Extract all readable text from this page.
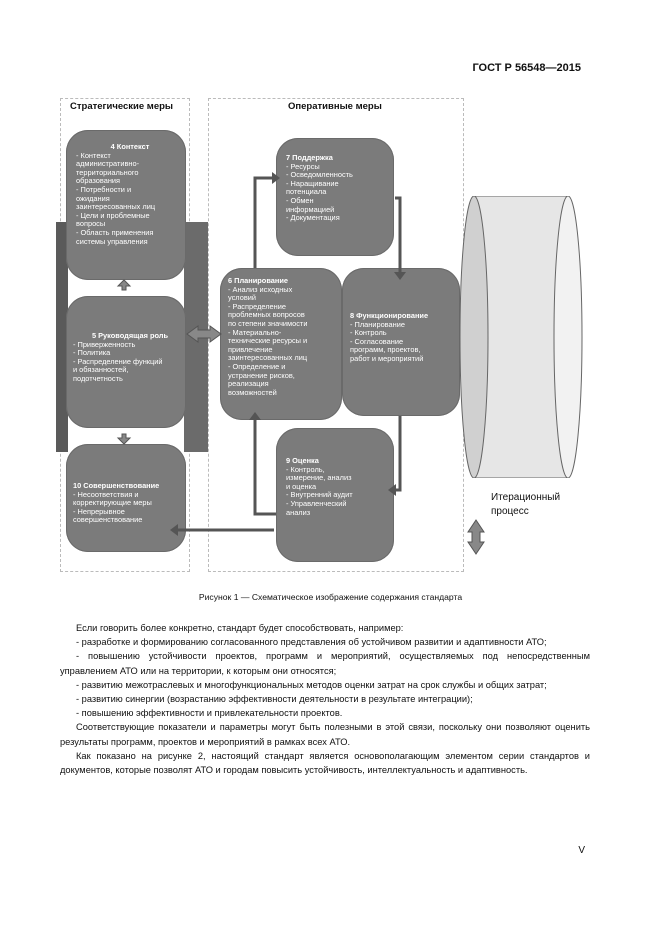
ГОСТ Р 56548—2015
Стратегические меры	Оперативные меры
4 Контекст
- Контекст
административно-
территориального
образования
- Потребности и
ожидания
заинтересованных лиц
- Цели и проблемные
вопросы
- Область применения
системы управления
5 Руководящая роль
- Приверженность
- Политика
- Распределение функций
и обязанностей,
подотчетность
10 Совершенствование
- Несоответствия и
корректирующие меры
- Непрерывное
совершенствование
7 Поддержка
- Ресурсы
- Осведомленность
- Наращивание
потенциала
- Обмен
информацией
- Документация
6 Планирование
- Анализ исходных
условий
- Распределение
проблемных вопросов
по степени значимости
- Материально-
технические ресурсы и
привлечение
заинтересованных лиц
- Определение и
устранение рисков,
реализация
возможностей
8 Функционирование
- Планирование
- Контроль
- Согласование
программ, проектов,
работ и мероприятий
9 Оценка
- Контроль,
измерение, анализ
и оценка
- Внутренний аудит
- Управленческий
анализ
Итерационный
процесс
Рисунок 1 — Схематическое изображение содержания стандарта

Если говорить более конкретно, стандарт будет способствовать, например:

- разработке и формированию согласованного представления об устойчивом развитии и адаптивности АТО;

- повышению устойчивости проектов, программ и мероприятий, осуществляемых под непосредственным управлением АТО или на территории, к которым они относятся;

- развитию межотраслевых и многофункциональных методов оценки затрат на срок службы и общих затрат;

- развитию синергии (возрастанию эффективности деятельности в результате интеграции);

- повышению эффективности и привлекательности проектов.

Соответствующие показатели и параметры могут быть полезными в этой связи, поскольку они позволяют оценить результаты программ, проектов и мероприятий в рамках всех АТО.

Как показано на рисунке 2, настоящий стандарт является основополагающим элементом серии стандартов и документов, которые позволят АТО и городам повысить устойчивость, интеллектуальность и адаптивность.

V
